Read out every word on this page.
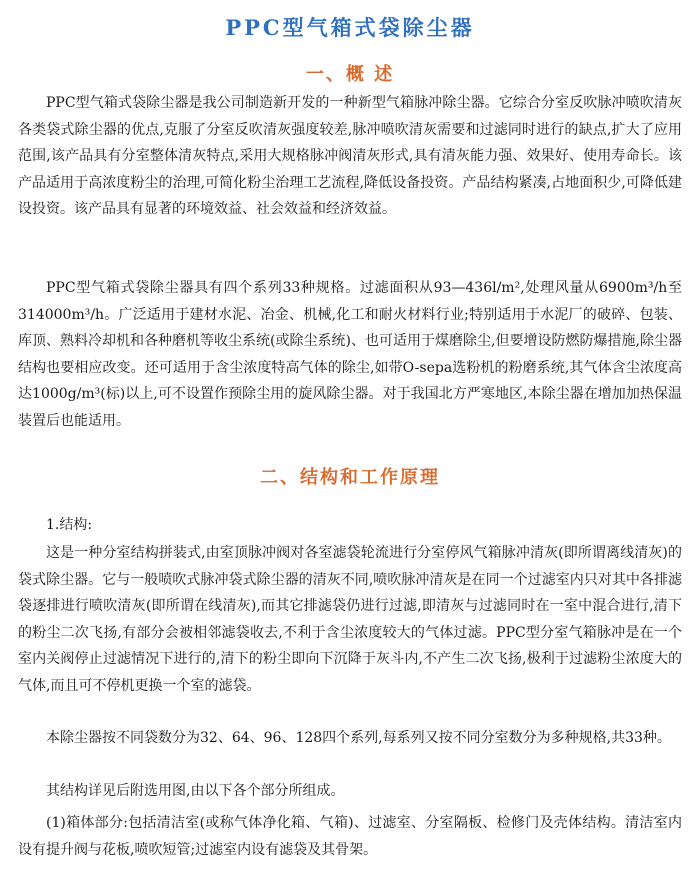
PPC型气箱式袋除尘器
一、概 述

PPC型气箱式袋除尘器是我公司制造新开发的一种新型气箱脉冲除尘器。它综合分室反吹脉冲喷吹清灰各类袋式除尘器的优点,克服了分室反吹清灰强度较差,脉冲喷吹清灰需要和过滤同时进行的缺点,扩大了应用范围,该产品具有分室整体清灰特点,采用大规格脉冲阀清灰形式,具有清灰能力强、效果好、使用寿命长。该产品适用于高浓度粉尘的治理,可简化粉尘治理工艺流程,降低设备投资。产品结构紧凑,占地面积少,可降低建设投资。该产品具有显著的环境效益、社会效益和经济效益。

PPC型气箱式袋除尘器具有四个系列33种规格。过滤面积从93—436l/m²,处理风量从6900m³/h至314000m³/h。广泛适用于建材水泥、冶金、机械,化工和耐火材料行业;特别适用于水泥厂的破碎、包装、库顶、熟料冷却机和各种磨机等收尘系统(或除尘系统)、也可适用于煤磨除尘,但要增设防燃防爆措施,除尘器结构也要相应改变。还可适用于含尘浓度特高气体的除尘,如带O-sepa选粉机的粉磨系统,其气体含尘浓度高达1000g/m³(标)以上,可不设置作预除尘用的旋风除尘器。对于我国北方严寒地区,本除尘器在增加加热保温装置后也能适用。

二、结构和工作原理

1.结构:

这是一种分室结构拼装式,由室顶脉冲阀对各室滤袋轮流进行分室停风气箱脉冲清灰(即所谓离线清灰)的袋式除尘器。它与一般喷吹式脉冲袋式除尘器的清灰不同,喷吹脉冲清灰是在同一个过滤室内只对其中各排滤袋逐排进行喷吹清灰(即所谓在线清灰),而其它排滤袋仍进行过滤,即清灰与过滤同时在一室中混合进行,清下的粉尘二次飞扬,有部分会被相邻滤袋收去,不利于含尘浓度较大的气体过滤。PPC型分室气箱脉冲是在一个室内关阀停止过滤情况下进行的,清下的粉尘即向下沉降于灰斗内,不产生二次飞扬,极利于过滤粉尘浓度大的气体,而且可不停机更换一个室的滤袋。

本除尘器按不同袋数分为32、64、96、128四个系列,每系列又按不同分室数分为多种规格,共33种。

其结构详见后附选用图,由以下各个部分所组成。

(1)箱体部分:包括清洁室(或称气体净化箱、气箱)、过滤室、分室隔板、检修门及壳体结构。清洁室内设有提升阀与花板,喷吹短管;过滤室内设有滤袋及其骨架。
